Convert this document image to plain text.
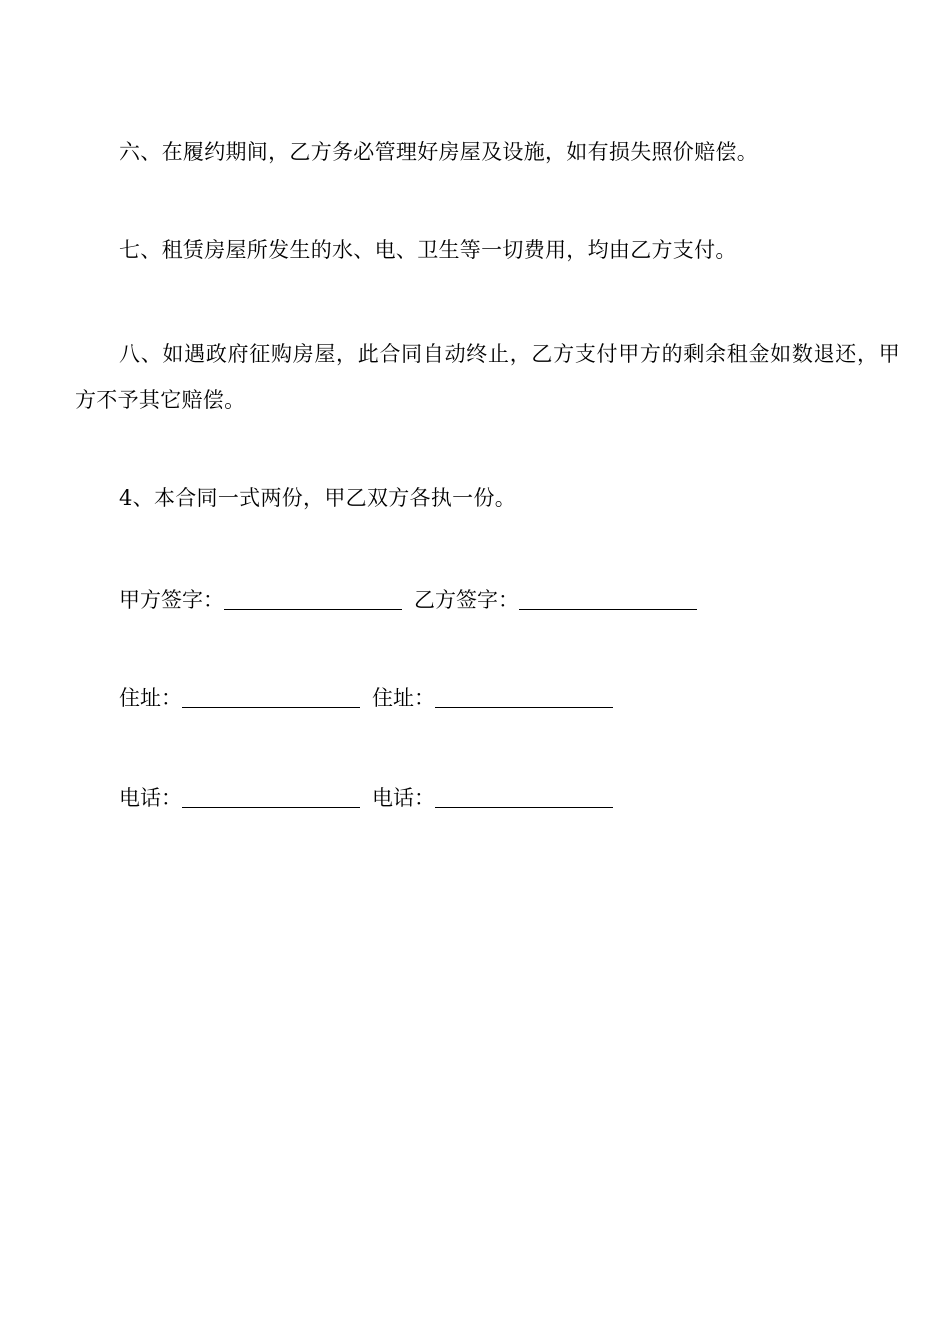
六、在履约期间，乙方务必管理好房屋及设施，如有损失照价赔偿。

七、租赁房屋所发生的水、电、卫生等一切费用，均由乙方支付。

八、如遇政府征购房屋，此合同自动终止，乙方支付甲方的剩余租金如数退还，甲方不予其它赔偿。

4、本合同一式两份，甲乙双方各执一份。

甲方签字：	乙方签字：
住址：	住址：
电话：	电话：
